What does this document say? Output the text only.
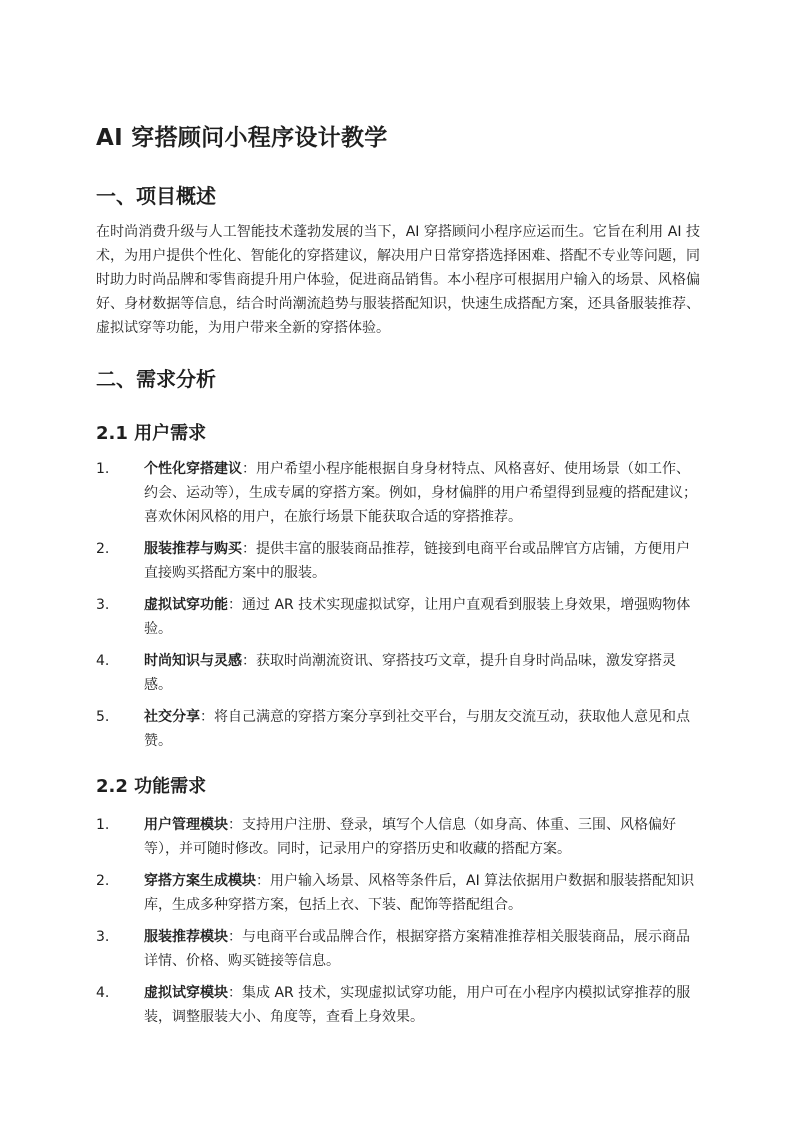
AI 穿搭顾问小程序设计教学
一、项目概述

在时尚消费升级与人工智能技术蓬勃发展的当下，AI 穿搭顾问小程序应运而生。它旨在利用 AI 技术，为用户提供个性化、智能化的穿搭建议，解决用户日常穿搭选择困难、搭配不专业等问题，同时助力时尚品牌和零售商提升用户体验，促进商品销售。本小程序可根据用户输入的场景、风格偏好、身材数据等信息，结合时尚潮流趋势与服装搭配知识，快速生成搭配方案，还具备服装推荐、虚拟试穿等功能，为用户带来全新的穿搭体验。

二、需求分析
2.1 用户需求
1. 个性化穿搭建议：用户希望小程序能根据自身身材特点、风格喜好、使用场景（如工作、约会、运动等），生成专属的穿搭方案。例如，身材偏胖的用户希望得到显瘦的搭配建议；喜欢休闲风格的用户，在旅行场景下能获取合适的穿搭推荐。
2. 服装推荐与购买：提供丰富的服装商品推荐，链接到电商平台或品牌官方店铺，方便用户直接购买搭配方案中的服装。
3. 虚拟试穿功能：通过 AR 技术实现虚拟试穿，让用户直观看到服装上身效果，增强购物体验。
4. 时尚知识与灵感：获取时尚潮流资讯、穿搭技巧文章，提升自身时尚品味，激发穿搭灵感。
5. 社交分享：将自己满意的穿搭方案分享到社交平台，与朋友交流互动，获取他人意见和点赞。
2.2 功能需求
1. 用户管理模块：支持用户注册、登录，填写个人信息（如身高、体重、三围、风格偏好等），并可随时修改。同时，记录用户的穿搭历史和收藏的搭配方案。
2. 穿搭方案生成模块：用户输入场景、风格等条件后，AI 算法依据用户数据和服装搭配知识库，生成多种穿搭方案，包括上衣、下装、配饰等搭配组合。
3. 服装推荐模块：与电商平台或品牌合作，根据穿搭方案精准推荐相关服装商品，展示商品详情、价格、购买链接等信息。
4. 虚拟试穿模块：集成 AR 技术，实现虚拟试穿功能，用户可在小程序内模拟试穿推荐的服装，调整服装大小、角度等，查看上身效果。
